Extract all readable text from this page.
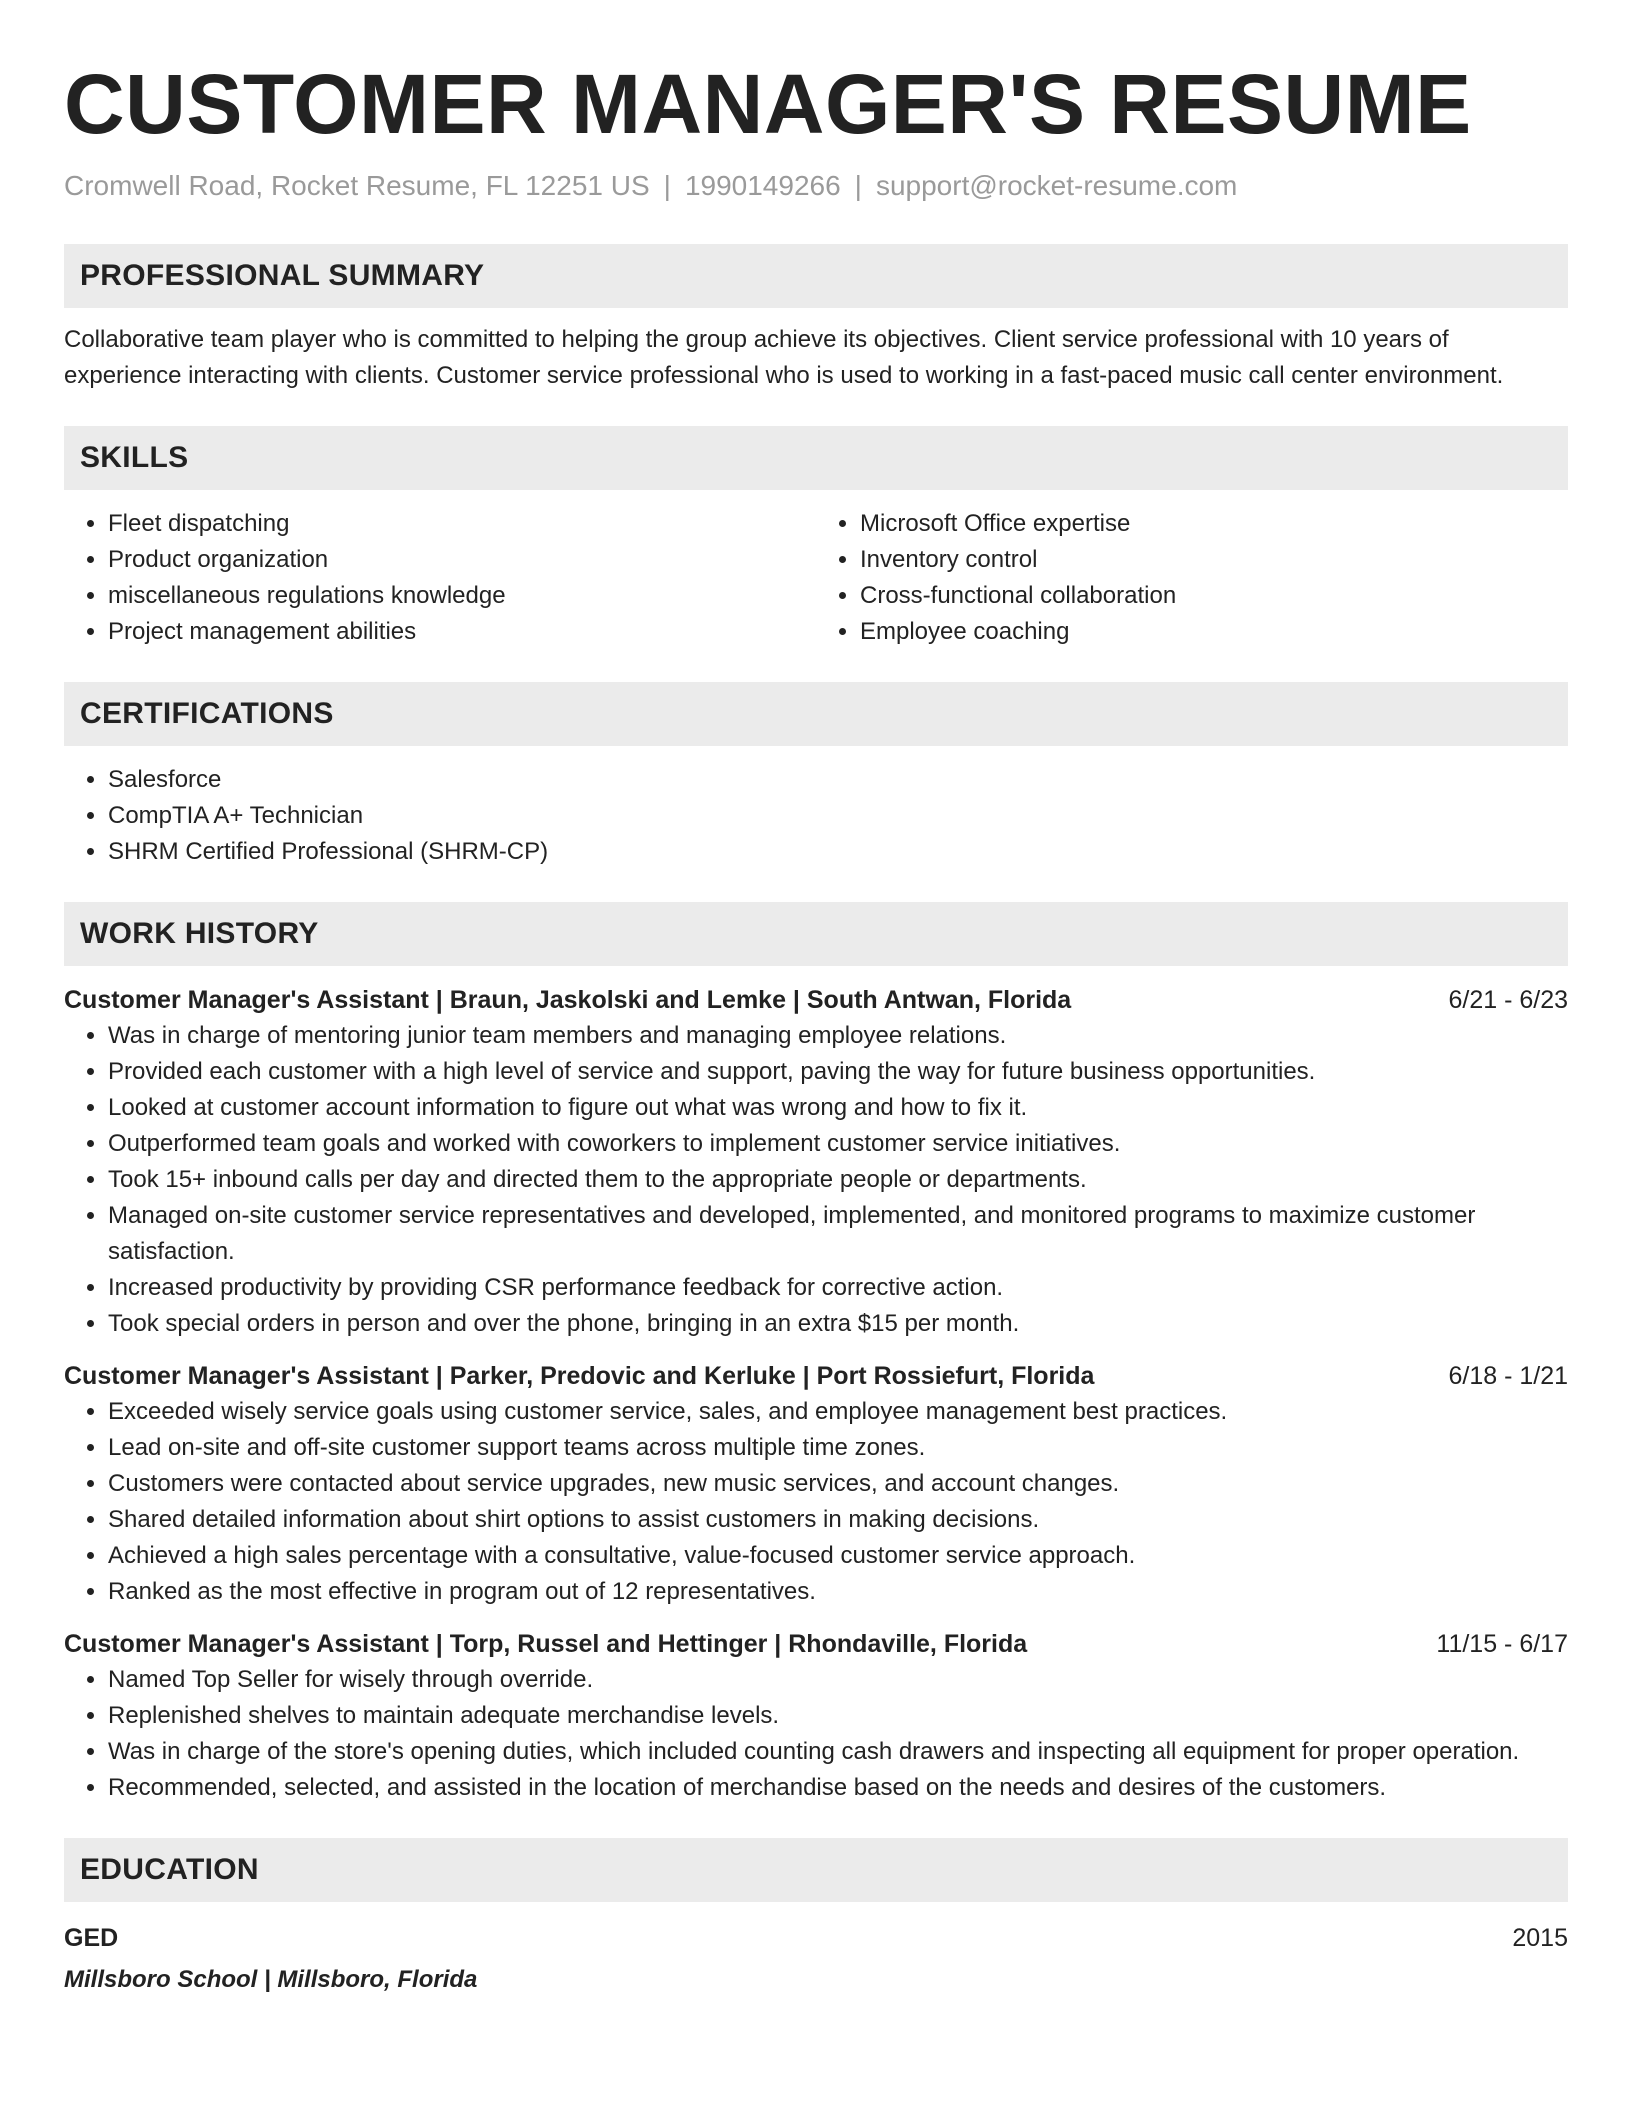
CUSTOMER MANAGER'S RESUME
Cromwell Road, Rocket Resume, FL 12251 US | 1990149266 | support@rocket-resume.com
PROFESSIONAL SUMMARY
Collaborative team player who is committed to helping the group achieve its objectives. Client service professional with 10 years of experience interacting with clients. Customer service professional who is used to working in a fast-paced music call center environment.
SKILLS
• Fleet dispatching
• Product organization
• miscellaneous regulations knowledge
• Project management abilities
• Microsoft Office expertise
• Inventory control
• Cross-functional collaboration
• Employee coaching
CERTIFICATIONS
• Salesforce
• CompTIA A+ Technician
• SHRM Certified Professional (SHRM-CP)
WORK HISTORY
Customer Manager's Assistant | Braun, Jaskolski and Lemke | South Antwan, Florida	6/21 - 6/23
• Was in charge of mentoring junior team members and managing employee relations.
• Provided each customer with a high level of service and support, paving the way for future business opportunities.
• Looked at customer account information to figure out what was wrong and how to fix it.
• Outperformed team goals and worked with coworkers to implement customer service initiatives.
• Took 15+ inbound calls per day and directed them to the appropriate people or departments.
• Managed on-site customer service representatives and developed, implemented, and monitored programs to maximize customer satisfaction.
• Increased productivity by providing CSR performance feedback for corrective action.
• Took special orders in person and over the phone, bringing in an extra $15 per month.
Customer Manager's Assistant | Parker, Predovic and Kerluke | Port Rossiefurt, Florida	6/18 - 1/21
• Exceeded wisely service goals using customer service, sales, and employee management best practices.
• Lead on-site and off-site customer support teams across multiple time zones.
• Customers were contacted about service upgrades, new music services, and account changes.
• Shared detailed information about shirt options to assist customers in making decisions.
• Achieved a high sales percentage with a consultative, value-focused customer service approach.
• Ranked as the most effective in program out of 12 representatives.
Customer Manager's Assistant | Torp, Russel and Hettinger | Rhondaville, Florida	11/15 - 6/17
• Named Top Seller for wisely through override.
• Replenished shelves to maintain adequate merchandise levels.
• Was in charge of the store's opening duties, which included counting cash drawers and inspecting all equipment for proper operation.
• Recommended, selected, and assisted in the location of merchandise based on the needs and desires of the customers.
EDUCATION
GED	2015
Millsboro School | Millsboro, Florida
